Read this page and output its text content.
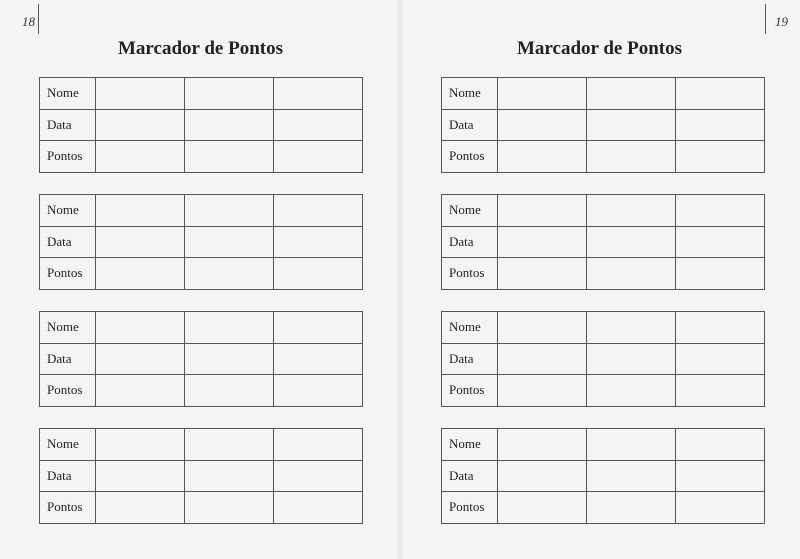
18
Marcador de Pontos
Nome			
Data			
Pontos			
Nome			
Data			
Pontos			
Nome			
Data			
Pontos			
Nome			
Data			
Pontos			
19
Marcador de Pontos
Nome			
Data			
Pontos			
Nome			
Data			
Pontos			
Nome			
Data			
Pontos			
Nome			
Data			
Pontos			
